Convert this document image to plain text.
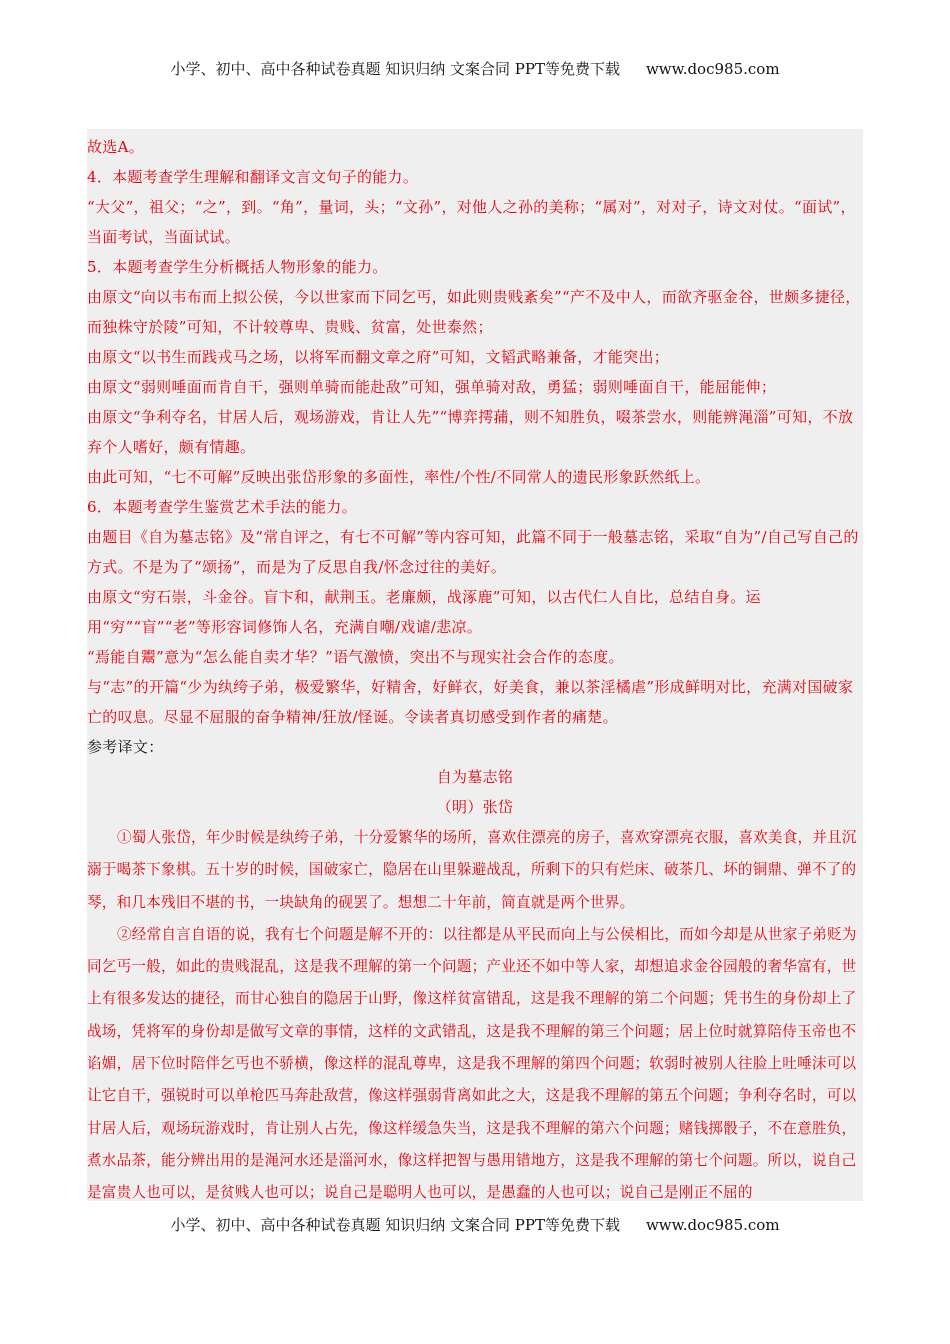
小学、初中、高中各种试卷真题 知识归纳 文案合同 PPT等免费下载 www.doc985.com
故选A。
4．本题考查学生理解和翻译文言文句子的能力。
“大父”，祖父；“之”，到。“角”，量词，头；“文孙”，对他人之孙的美称；“属对”，对对子，诗文对仗。“面试”，当面考试，当面试试。
5．本题考查学生分析概括人物形象的能力。
由原文“向以韦布而上拟公侯，今以世家而下同乞丐，如此则贵贱紊矣”“产不及中人，而欲齐驱金谷，世颇多捷径，而独株守於陵”可知，不计较尊卑、贵贱、贫富，处世泰然；
由原文“以书生而践戎马之场，以将军而翻文章之府”可知，文韬武略兼备，才能突出；
由原文“弱则唾面而肯自干，强则单骑而能赴敌”可知，强单骑对敌，勇猛；弱则唾面自干，能屈能伸；
由原文“争利夺名，甘居人后，观场游戏，肯让人先”“博弈摴蒱，则不知胜负，啜茶尝水，则能辨渑淄”可知，不放弃个人嗜好，颇有情趣。
由此可知，“七不可解”反映出张岱形象的多面性，率性/个性/不同常人的遗民形象跃然纸上。
6．本题考查学生鉴赏艺术手法的能力。
由题目《自为墓志铭》及“常自评之，有七不可解”等内容可知，此篇不同于一般墓志铭，采取“自为”/自己写自己的方式。不是为了“颂扬”，而是为了反思自我/怀念过往的美好。
由原文“穷石崇，斗金谷。盲卞和，献荆玉。老廉颇，战涿鹿”可知，以古代仁人自比，总结自身。运用“穷”“盲”“老”等形容词修饰人名，充满自嘲/戏谑/悲凉。
“焉能自鬻”意为“怎么能自卖才华？”语气激愤，突出不与现实社会合作的态度。
与“志”的开篇“少为纨绔子弟，极爱繁华，好精舍，好鲜衣，好美食，兼以茶淫橘虐”形成鲜明对比，充满对国破家亡的叹息。尽显不屈服的奋争精神/狂放/怪诞。令读者真切感受到作者的痛楚。
参考译文：
自为墓志铭
（明）张岱
①蜀人张岱，年少时候是纨绔子弟，十分爱繁华的场所，喜欢住漂亮的房子，喜欢穿漂亮衣服，喜欢美食，并且沉溺于喝茶下象棋。五十岁的时候，国破家亡，隐居在山里躲避战乱，所剩下的只有烂床、破茶几、坏的铜鼎、弹不了的琴，和几本残旧不堪的书，一块缺角的砚罢了。想想二十年前，简直就是两个世界。
②经常自言自语的说，我有七个问题是解不开的：以往都是从平民而向上与公侯相比，而如今却是从世家子弟贬为同乞丐一般，如此的贵贱混乱，这是我不理解的第一个问题；产业还不如中等人家，却想追求金谷园般的奢华富有，世上有很多发达的捷径，而甘心独自的隐居于山野，像这样贫富错乱，这是我不理解的第二个问题；凭书生的身份却上了战场，凭将军的身份却是做写文章的事情，这样的文武错乱，这是我不理解的第三个问题；居上位时就算陪侍玉帝也不谄媚，居下位时陪伴乞丐也不骄横，像这样的混乱尊卑，这是我不理解的第四个问题；软弱时被别人往脸上吐唾沫可以让它自干，强锐时可以单枪匹马奔赴敌营，像这样强弱背离如此之大，这是我不理解的第五个问题；争利夺名时，可以甘居人后，观场玩游戏时，肯让别人占先，像这样缓急失当，这是我不理解的第六个问题；赌钱掷骰子，不在意胜负，煮水品茶，能分辨出用的是渑河水还是淄河水，像这样把智与愚用错地方，这是我不理解的第七个问题。所以，说自己是富贵人也可以，是贫贱人也可以；说自己是聪明人也可以，是愚蠢的人也可以；说自己是刚正不屈的
小学、初中、高中各种试卷真题 知识归纳 文案合同 PPT等免费下载 www.doc985.com
